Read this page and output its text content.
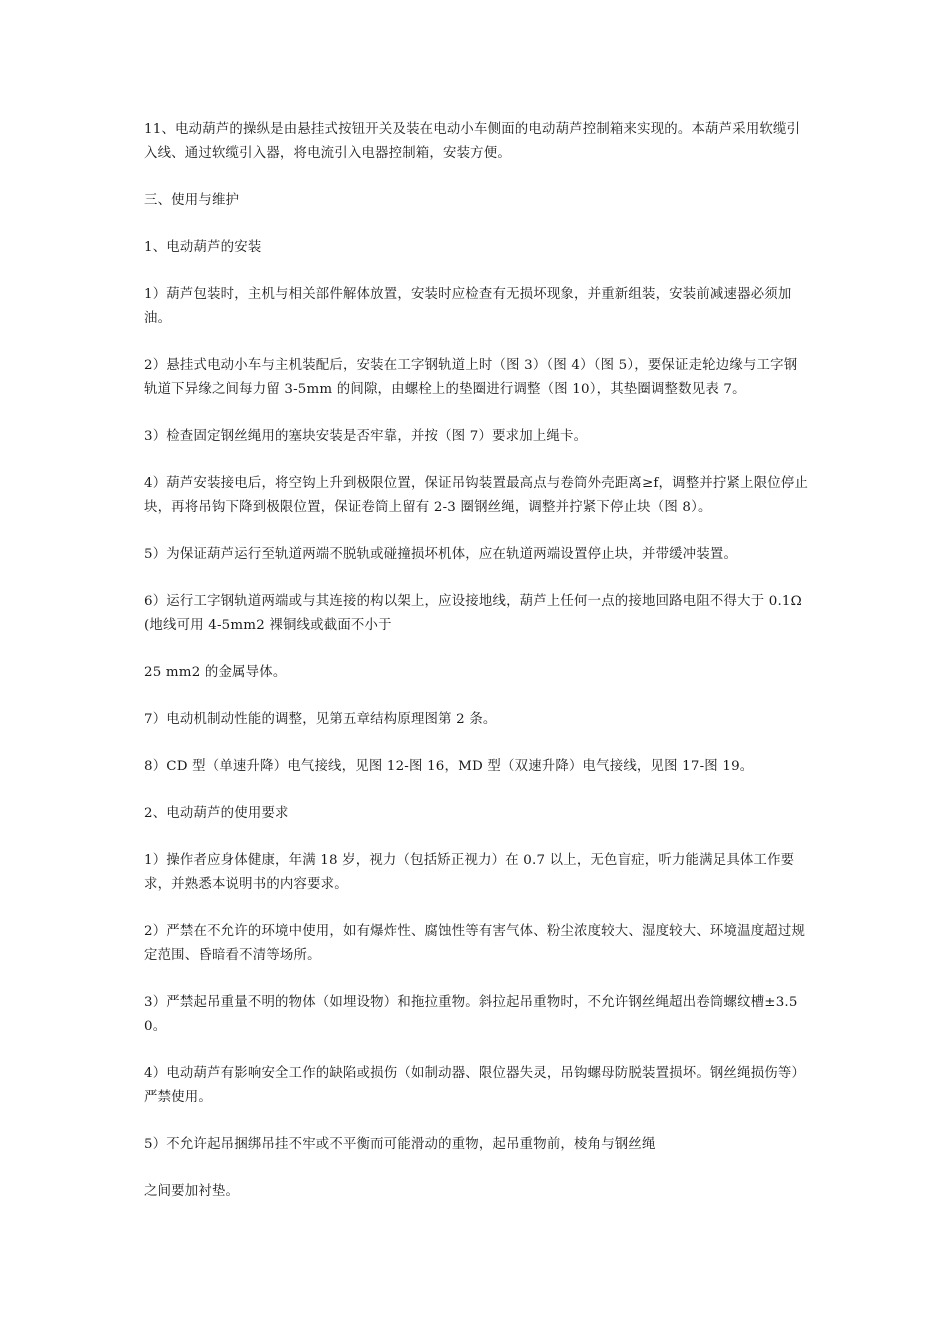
11、电动葫芦的操纵是由悬挂式按钮开关及装在电动小车侧面的电动葫芦控制箱来实现的。本葫芦采用软缆引入线、通过软缆引入器，将电流引入电器控制箱，安装方便。

三、使用与维护

1、电动葫芦的安装

1）葫芦包装时，主机与相关部件解体放置，安装时应检查有无损坏现象，并重新组装，安装前减速器必须加油。

2）悬挂式电动小车与主机装配后，安装在工字钢轨道上时（图 3）（图 4）（图 5），要保证走轮边缘与工字钢轨道下异缘之间每力留 3-5mm 的间隙，由螺栓上的垫圈进行调整（图 10），其垫圈调整数见表 7。

3）检查固定钢丝绳用的塞块安装是否牢靠，并按（图 7）要求加上绳卡。

4）葫芦安装接电后，将空钩上升到极限位置，保证吊钩装置最高点与卷筒外壳距离≥f，调整并拧紧上限位停止块，再将吊钩下降到极限位置，保证卷筒上留有 2-3 圈钢丝绳，调整并拧紧下停止块（图 8）。

5）为保证葫芦运行至轨道两端不脱轨或碰撞损坏机体，应在轨道两端设置停止块，并带缓冲装置。

6）运行工字钢轨道两端或与其连接的构以架上，应设接地线，葫芦上任何一点的接地回路电阻不得大于 0.1Ω(地线可用 4-5mm2 裸铜线或截面不小于

25 mm2 的金属导体。

7）电动机制动性能的调整，见第五章结构原理图第 2 条。

8）CD 型（单速升降）电气接线，见图 12-图 16，MD 型（双速升降）电气接线，见图 17-图 19。

2、电动葫芦的使用要求

1）操作者应身体健康，年满 18 岁，视力（包括矫正视力）在 0.7 以上，无色盲症，听力能满足具体工作要求，并熟悉本说明书的内容要求。

2）严禁在不允许的环境中使用，如有爆炸性、腐蚀性等有害气体、粉尘浓度较大、湿度较大、环境温度超过规定范围、昏暗看不清等场所。

3）严禁起吊重量不明的物体（如埋设物）和拖拉重物。斜拉起吊重物时，不允许钢丝绳超出卷筒螺纹槽±3.50。

4）电动葫芦有影响安全工作的缺陷或损伤（如制动器、限位器失灵，吊钩螺母防脱装置损坏。钢丝绳损伤等）严禁使用。

5）不允许起吊捆绑吊挂不牢或不平衡而可能滑动的重物，起吊重物前，棱角与钢丝绳

之间要加衬垫。
